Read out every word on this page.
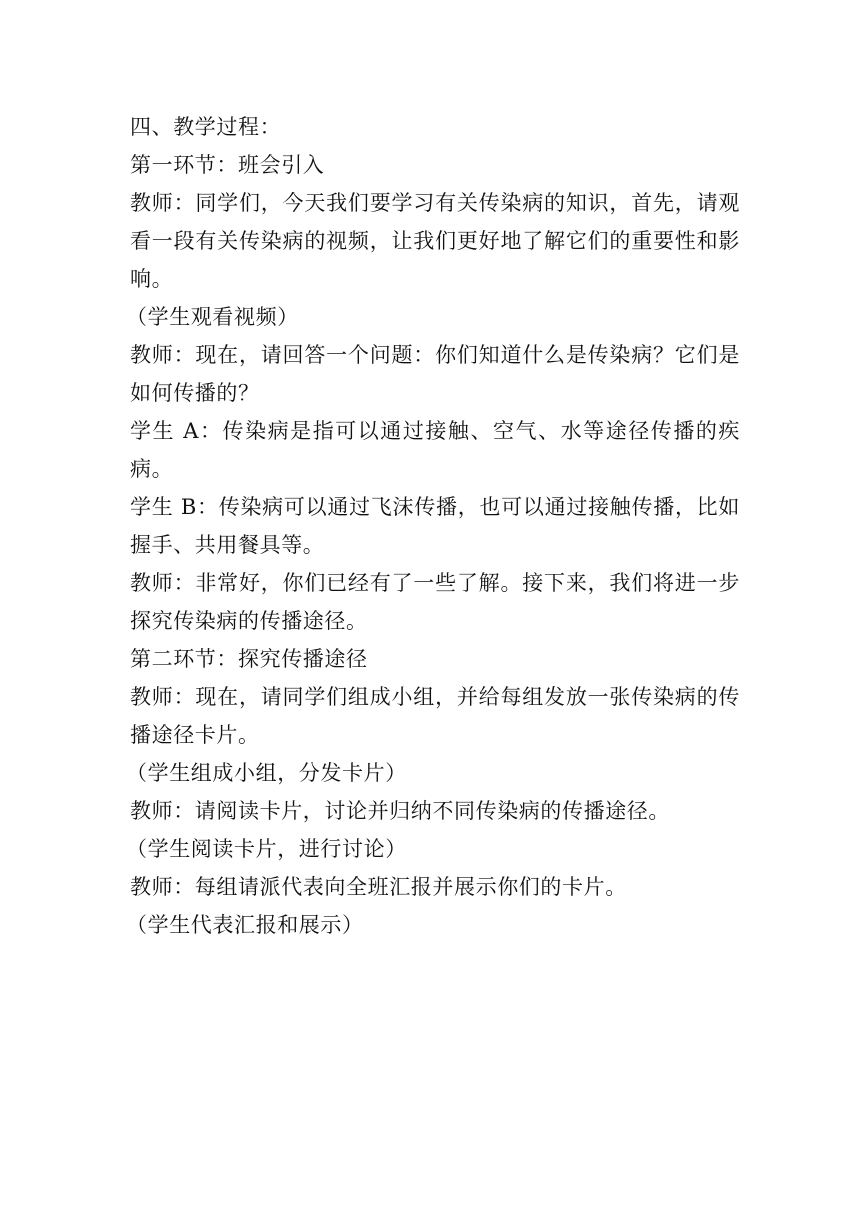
四、教学过程：

第一环节：班会引入

教师：同学们，今天我们要学习有关传染病的知识，首先，请观看一段有关传染病的视频，让我们更好地了解它们的重要性和影响。

（学生观看视频）

教师：现在，请回答一个问题：你们知道什么是传染病？它们是如何传播的？

学生 A：传染病是指可以通过接触、空气、水等途径传播的疾病。

学生 B：传染病可以通过飞沫传播，也可以通过接触传播，比如握手、共用餐具等。

教师：非常好，你们已经有了一些了解。接下来，我们将进一步探究传染病的传播途径。

第二环节：探究传播途径

教师：现在，请同学们组成小组，并给每组发放一张传染病的传播途径卡片。

（学生组成小组，分发卡片）

教师：请阅读卡片，讨论并归纳不同传染病的传播途径。

（学生阅读卡片，进行讨论）

教师：每组请派代表向全班汇报并展示你们的卡片。

（学生代表汇报和展示）
